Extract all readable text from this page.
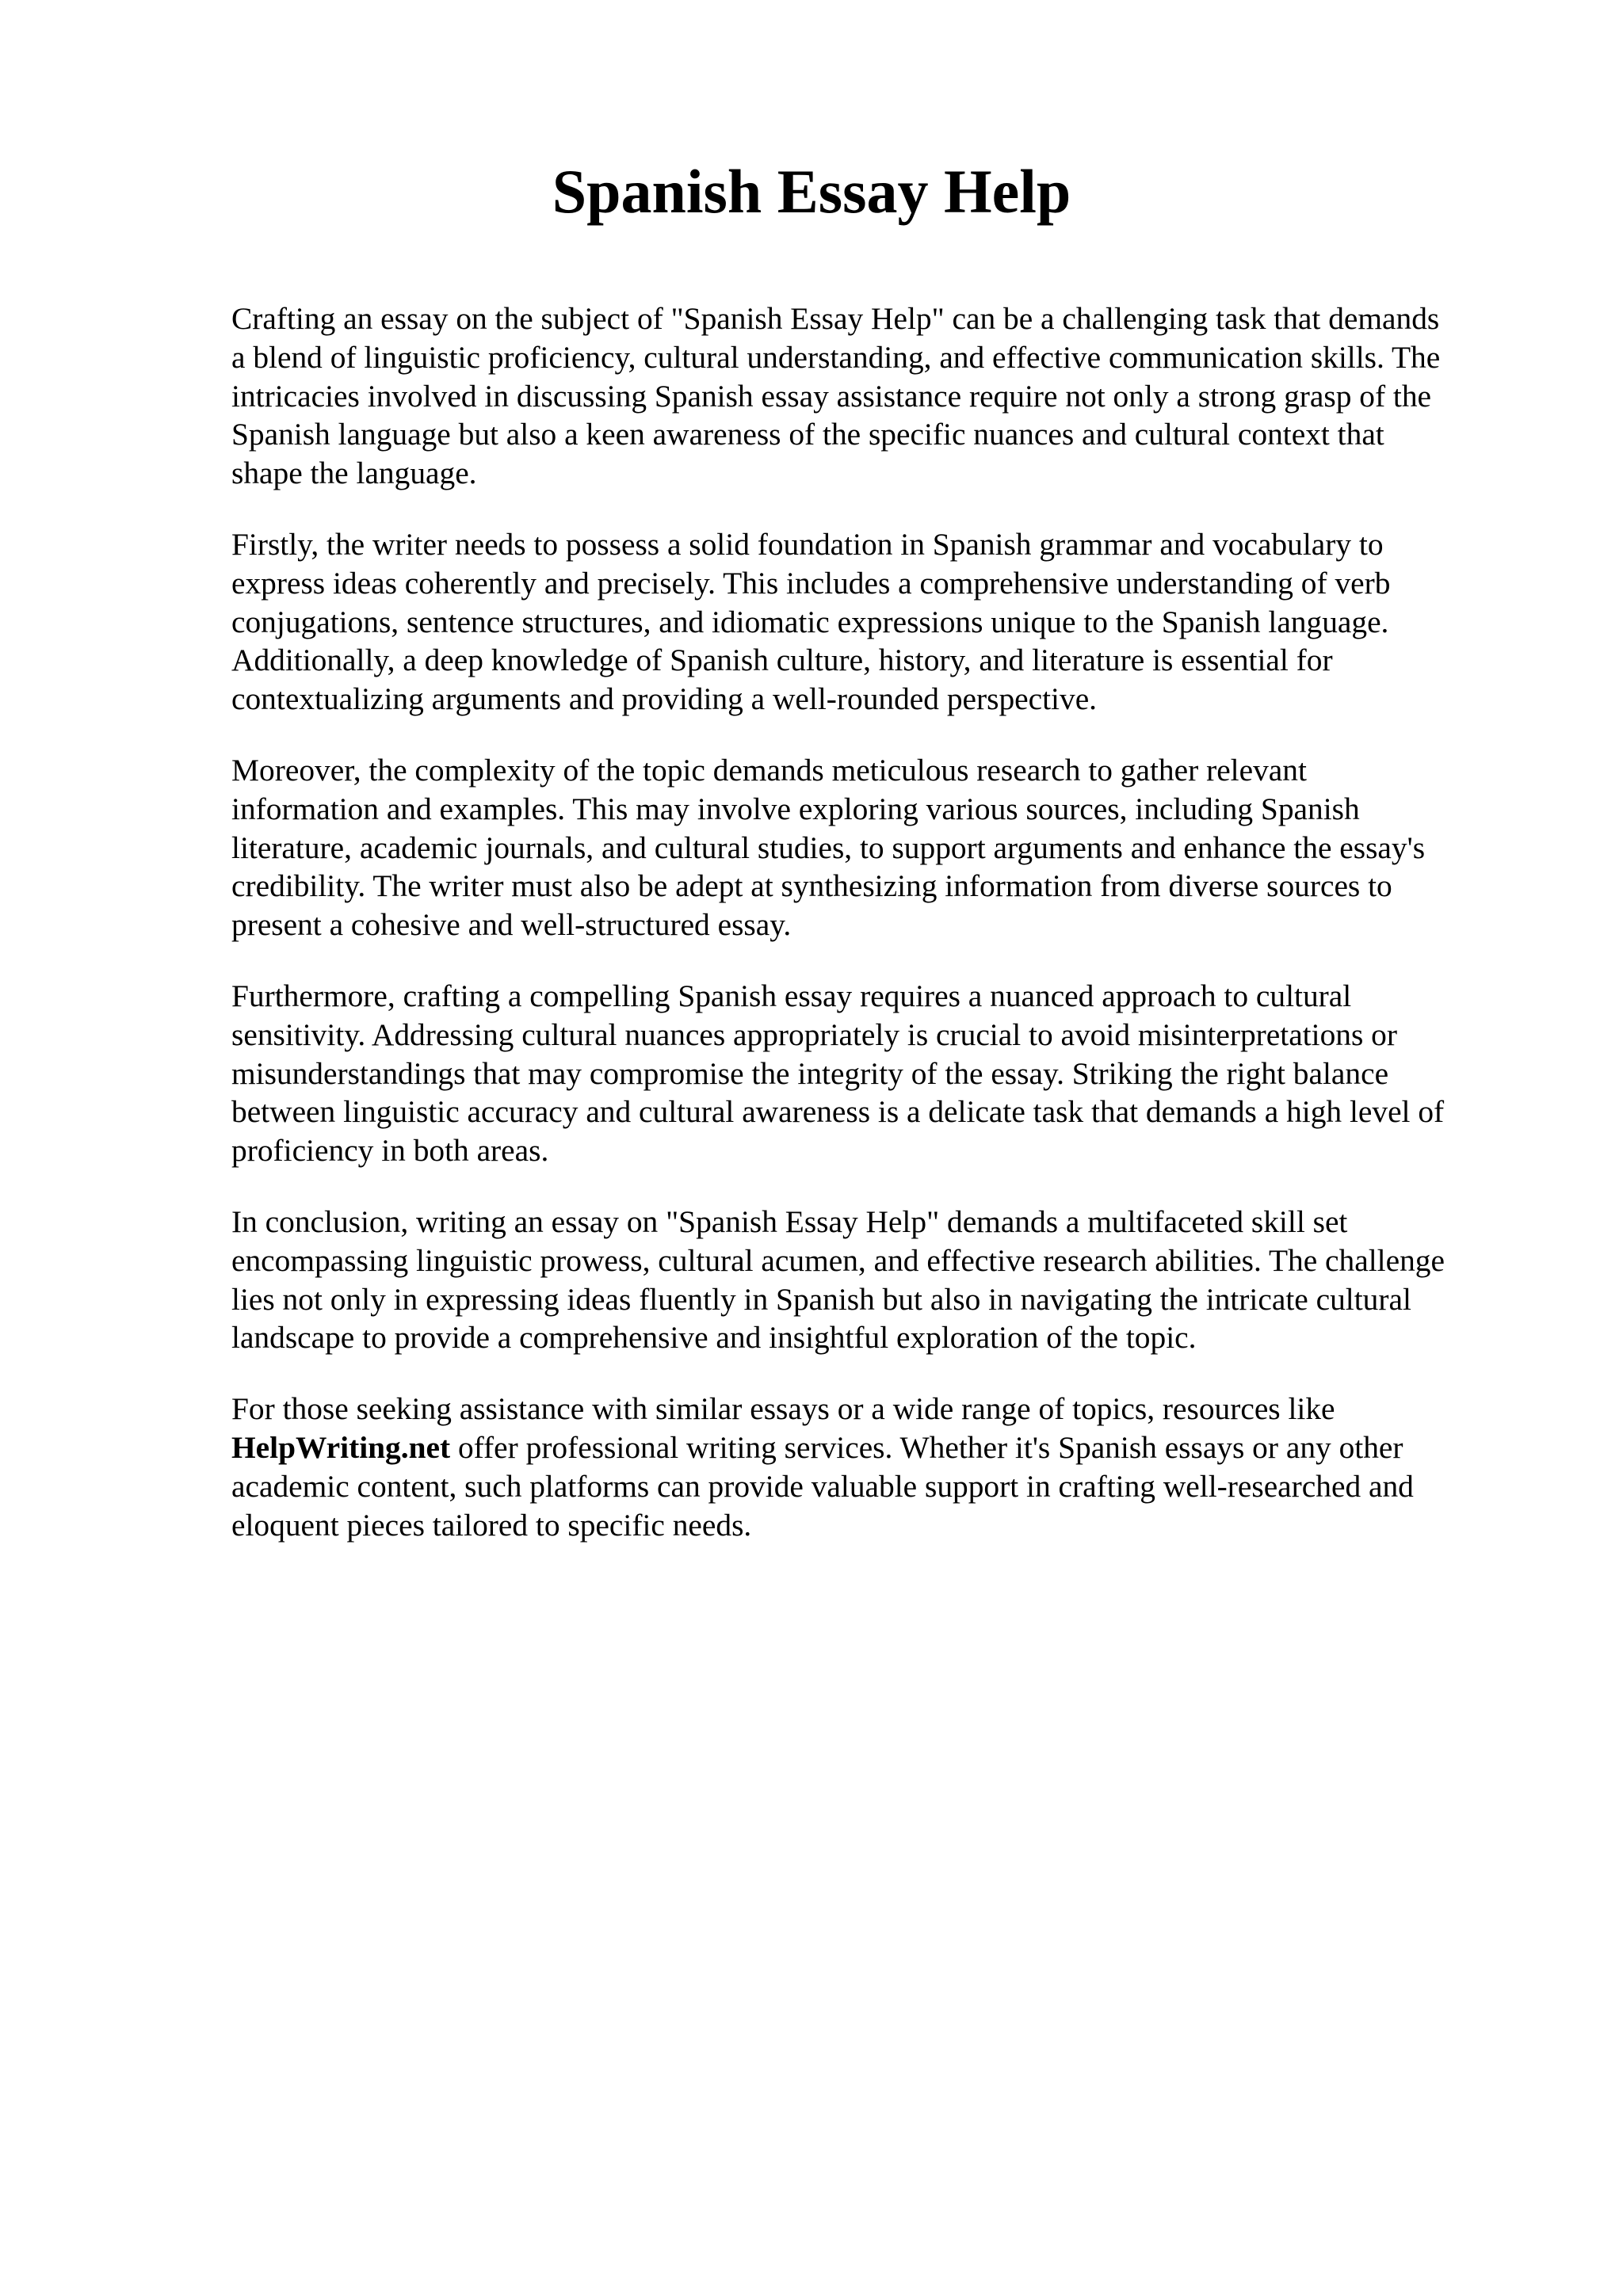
Spanish Essay Help

Crafting an essay on the subject of "Spanish Essay Help" can be a challenging task that demands
a blend of linguistic proficiency, cultural understanding, and effective communication skills. The
intricacies involved in discussing Spanish essay assistance require not only a strong grasp of the
Spanish language but also a keen awareness of the specific nuances and cultural context that
shape the language.

Firstly, the writer needs to possess a solid foundation in Spanish grammar and vocabulary to
express ideas coherently and precisely. This includes a comprehensive understanding of verb
conjugations, sentence structures, and idiomatic expressions unique to the Spanish language.
Additionally, a deep knowledge of Spanish culture, history, and literature is essential for
contextualizing arguments and providing a well-rounded perspective.

Moreover, the complexity of the topic demands meticulous research to gather relevant
information and examples. This may involve exploring various sources, including Spanish
literature, academic journals, and cultural studies, to support arguments and enhance the essay's
credibility. The writer must also be adept at synthesizing information from diverse sources to
present a cohesive and well-structured essay.

Furthermore, crafting a compelling Spanish essay requires a nuanced approach to cultural
sensitivity. Addressing cultural nuances appropriately is crucial to avoid misinterpretations or
misunderstandings that may compromise the integrity of the essay. Striking the right balance
between linguistic accuracy and cultural awareness is a delicate task that demands a high level of
proficiency in both areas.

In conclusion, writing an essay on "Spanish Essay Help" demands a multifaceted skill set
encompassing linguistic prowess, cultural acumen, and effective research abilities. The challenge
lies not only in expressing ideas fluently in Spanish but also in navigating the intricate cultural
landscape to provide a comprehensive and insightful exploration of the topic.

For those seeking assistance with similar essays or a wide range of topics, resources like
HelpWriting.net offer professional writing services. Whether it's Spanish essays or any other
academic content, such platforms can provide valuable support in crafting well-researched and
eloquent pieces tailored to specific needs.
